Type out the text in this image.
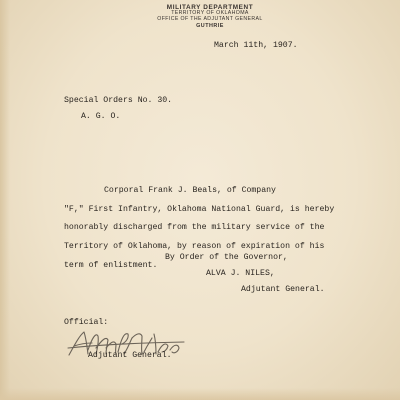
MILITARY DEPARTMENT
TERRITORY OF OKLAHOMA
OFFICE OF THE ADJUTANT GENERAL
GUTHRIE
March 11th, 1907.
Special Orders No. 30.
A. G. O.
Corporal Frank J. Beals, of Company
"F," First Infantry, Oklahoma National Guard, is hereby
honorably discharged from the military service of the
Territory of Oklahoma, by reason of expiration of his
term of enlistment.
By Order of the Governor,
ALVA J. NILES,
Adjutant General.
Official:
Adjutant General.
